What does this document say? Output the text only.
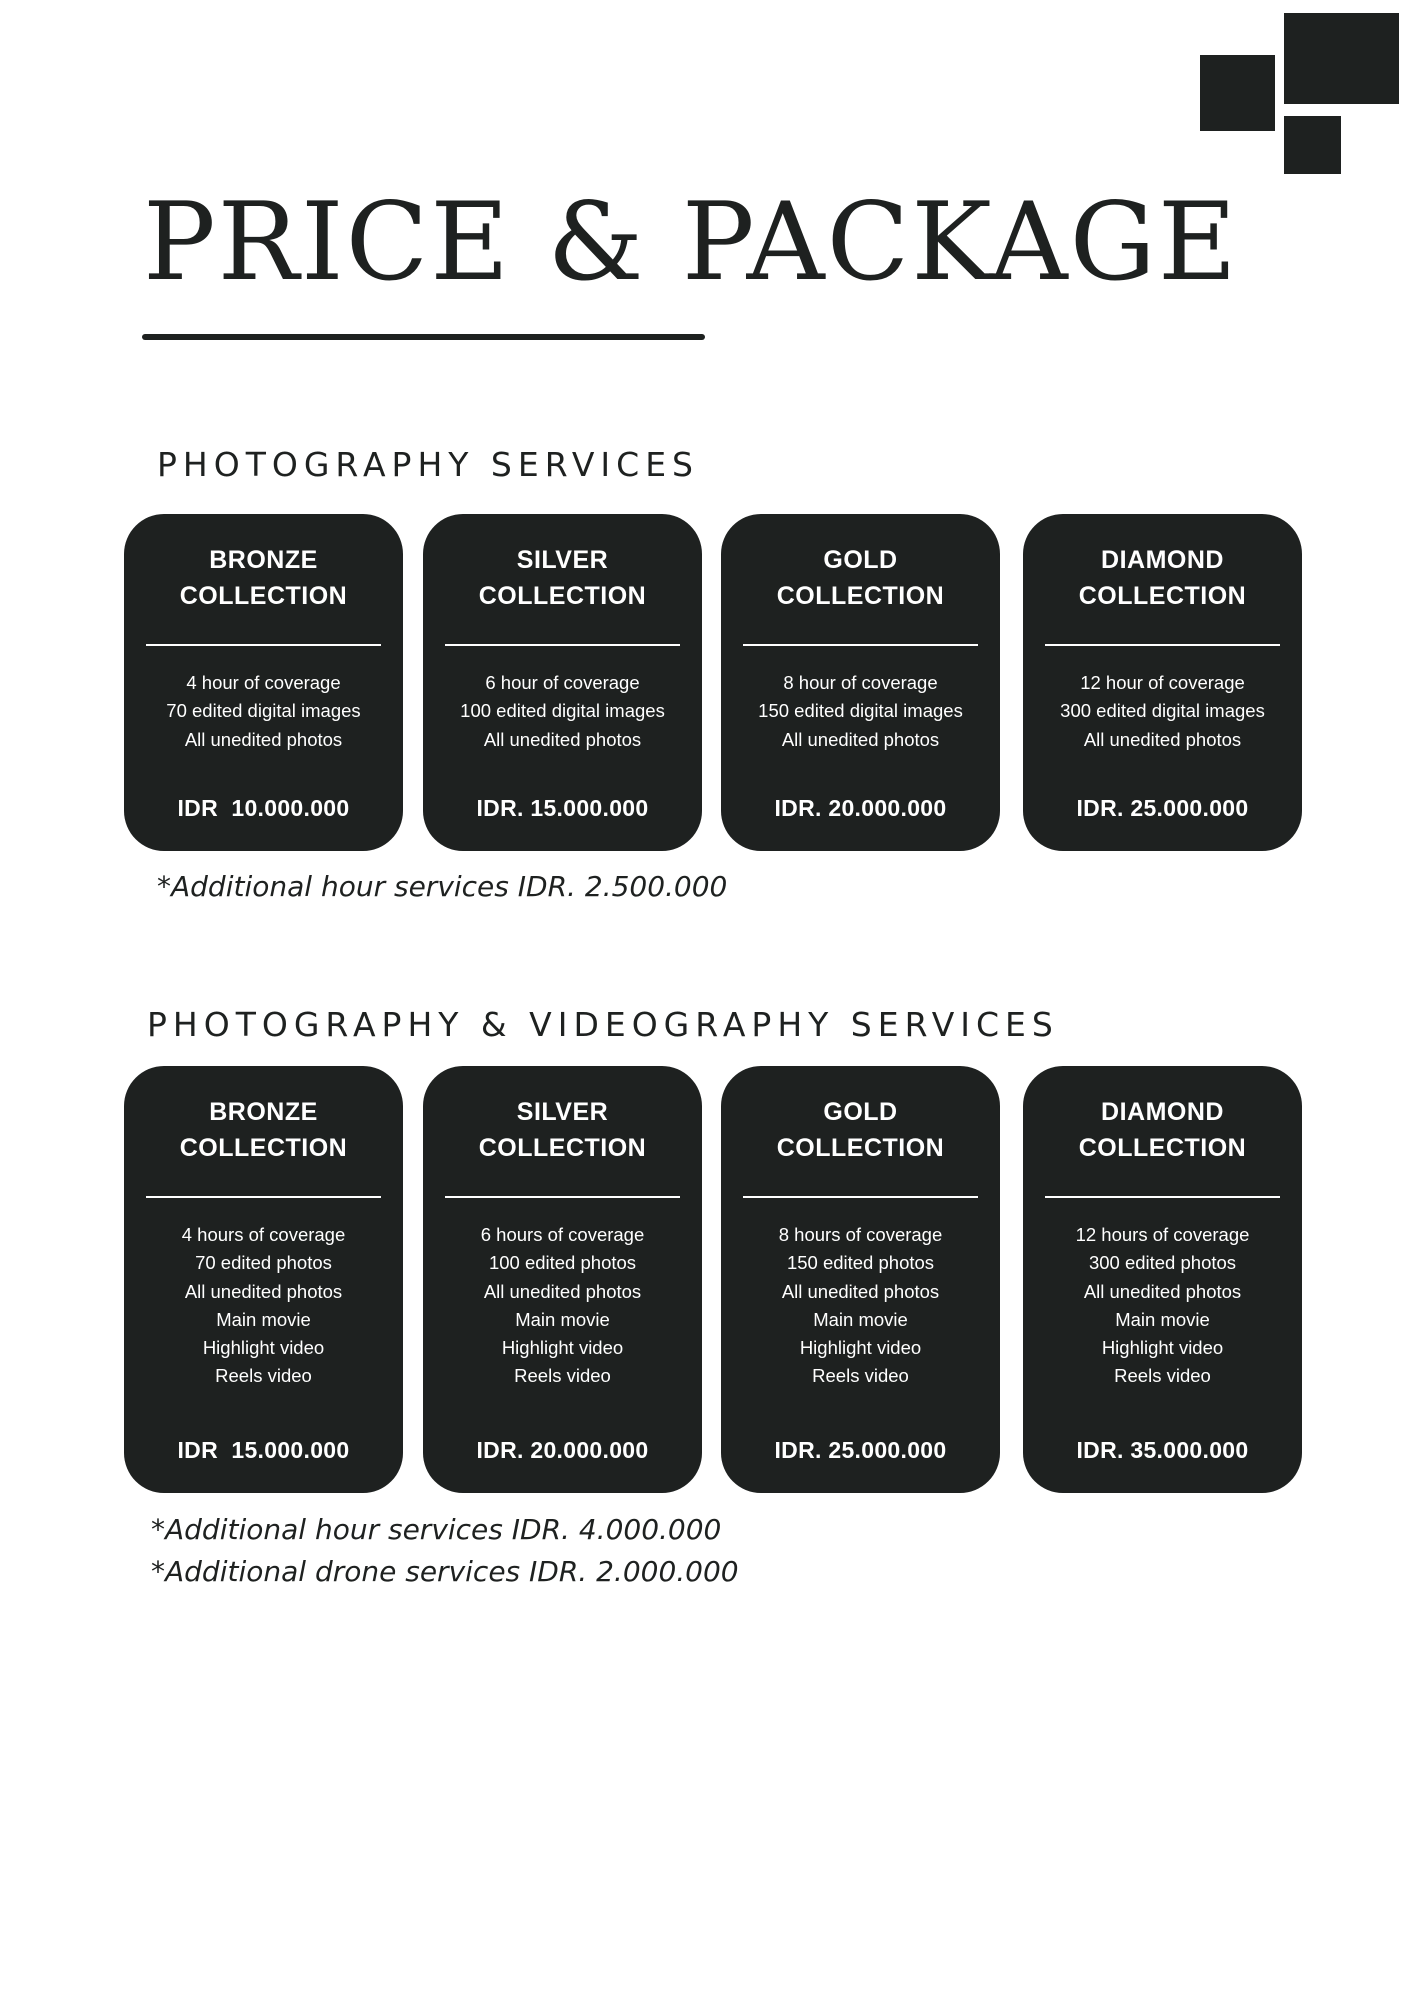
PRICE & PACKAGE
PHOTOGRAPHY SERVICES
BRONZE
COLLECTION
4 hour of coverage
70 edited digital images
All unedited photos
IDR  10.000.000
SILVER
COLLECTION
6 hour of coverage
100 edited digital images
All unedited photos
IDR. 15.000.000
GOLD
COLLECTION
8 hour of coverage
150 edited digital images
All unedited photos
IDR. 20.000.000
DIAMOND
COLLECTION
12 hour of coverage
300 edited digital images
All unedited photos
IDR. 25.000.000

*Additional hour services IDR. 2.500.000

PHOTOGRAPHY & VIDEOGRAPHY SERVICES
BRONZE
COLLECTION
4 hours of coverage
70 edited photos
All unedited photos
Main movie
Highlight video
Reels video
IDR  15.000.000
SILVER
COLLECTION
6 hours of coverage
100 edited photos
All unedited photos
Main movie
Highlight video
Reels video
IDR. 20.000.000
GOLD
COLLECTION
8 hours of coverage
150 edited photos
All unedited photos
Main movie
Highlight video
Reels video
IDR. 25.000.000
DIAMOND
COLLECTION
12 hours of coverage
300 edited photos
All unedited photos
Main movie
Highlight video
Reels video
IDR. 35.000.000

*Additional hour services IDR. 4.000.000

*Additional drone services IDR. 2.000.000
